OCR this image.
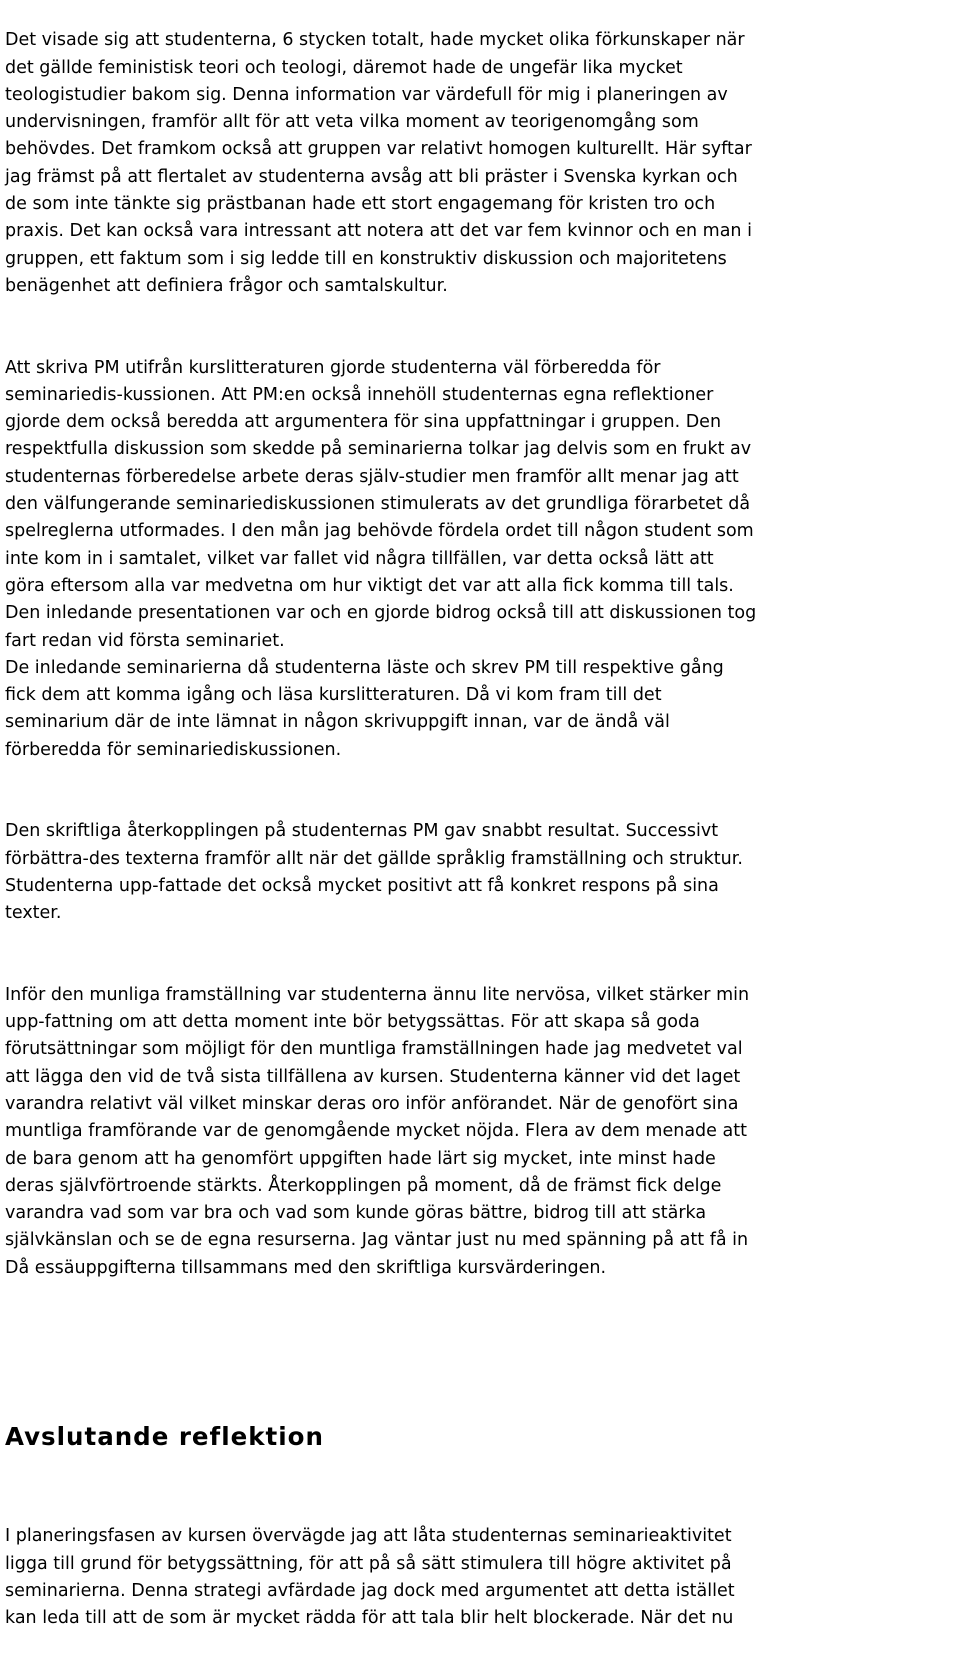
Det visade sig att studenterna, 6 stycken totalt, hade mycket olika förkunskaper när
det gällde feministisk teori och teologi, däremot hade de ungefär lika mycket
teologistudier bakom sig. Denna information var värdefull för mig i planeringen av
undervisningen, framför allt för att veta vilka moment av teorigenomgång som
behövdes. Det framkom också att gruppen var relativt homogen kulturellt. Här syftar
jag främst på att flertalet av studenterna avsåg att bli präster i Svenska kyrkan och
de som inte tänkte sig prästbanan hade ett stort engagemang för kristen tro och
praxis. Det kan också vara intressant att notera att det var fem kvinnor och en man i
gruppen, ett faktum som i sig ledde till en konstruktiv diskussion och majoritetens
benägenhet att definiera frågor och samtalskultur.

Att skriva PM utifrån kurslitteraturen gjorde studenterna väl förberedda för
seminariedis-kussionen. Att PM:en också innehöll studenternas egna reflektioner
gjorde dem också beredda att argumentera för sina uppfattningar i gruppen. Den
respektfulla diskussion som skedde på seminarierna tolkar jag delvis som en frukt av
studenternas förberedelse arbete deras själv-studier men framför allt menar jag att
den välfungerande seminariediskussionen stimulerats av det grundliga förarbetet då
spelreglerna utformades. I den mån jag behövde fördela ordet till någon student som
inte kom in i samtalet, vilket var fallet vid några tillfällen, var detta också lätt att
göra eftersom alla var medvetna om hur viktigt det var att alla fick komma till tals.
Den inledande presentationen var och en gjorde bidrog också till att diskussionen tog
fart redan vid första seminariet.
De inledande seminarierna då studenterna läste och skrev PM till respektive gång
fick dem att komma igång och läsa kurslitteraturen. Då vi kom fram till det
seminarium där de inte lämnat in någon skrivuppgift innan, var de ändå väl
förberedda för seminariediskussionen.

Den skriftliga återkopplingen på studenternas PM gav snabbt resultat. Successivt
förbättra-des texterna framför allt när det gällde språklig framställning och struktur.
Studenterna upp-fattade det också mycket positivt att få konkret respons på sina
texter.

Inför den munliga framställning var studenterna ännu lite nervösa, vilket stärker min
upp-fattning om att detta moment inte bör betygssättas. För att skapa så goda
förutsättningar som möjligt för den muntliga framställningen hade jag medvetet val
att lägga den vid de två sista tillfällena av kursen. Studenterna känner vid det laget
varandra relativt väl vilket minskar deras oro inför anförandet. När de genofört sina
muntliga framförande var de genomgående mycket nöjda. Flera av dem menade att
de bara genom att ha genomfört uppgiften hade lärt sig mycket, inte minst hade
deras självförtroende stärkts. Återkopplingen på moment, då de främst fick delge
varandra vad som var bra och vad som kunde göras bättre, bidrog till att stärka
självkänslan och se de egna resurserna. Jag väntar just nu med spänning på att få in
Då essäuppgifterna tillsammans med den skriftliga kursvärderingen.

Avslutande reflektion

I planeringsfasen av kursen övervägde jag att låta studenternas seminarieaktivitet
ligga till grund för betygssättning, för att på så sätt stimulera till högre aktivitet på
seminarierna. Denna strategi avfärdade jag dock med argumentet att detta istället
kan leda till att de som är mycket rädda för att tala blir helt blockerade. När det nu
